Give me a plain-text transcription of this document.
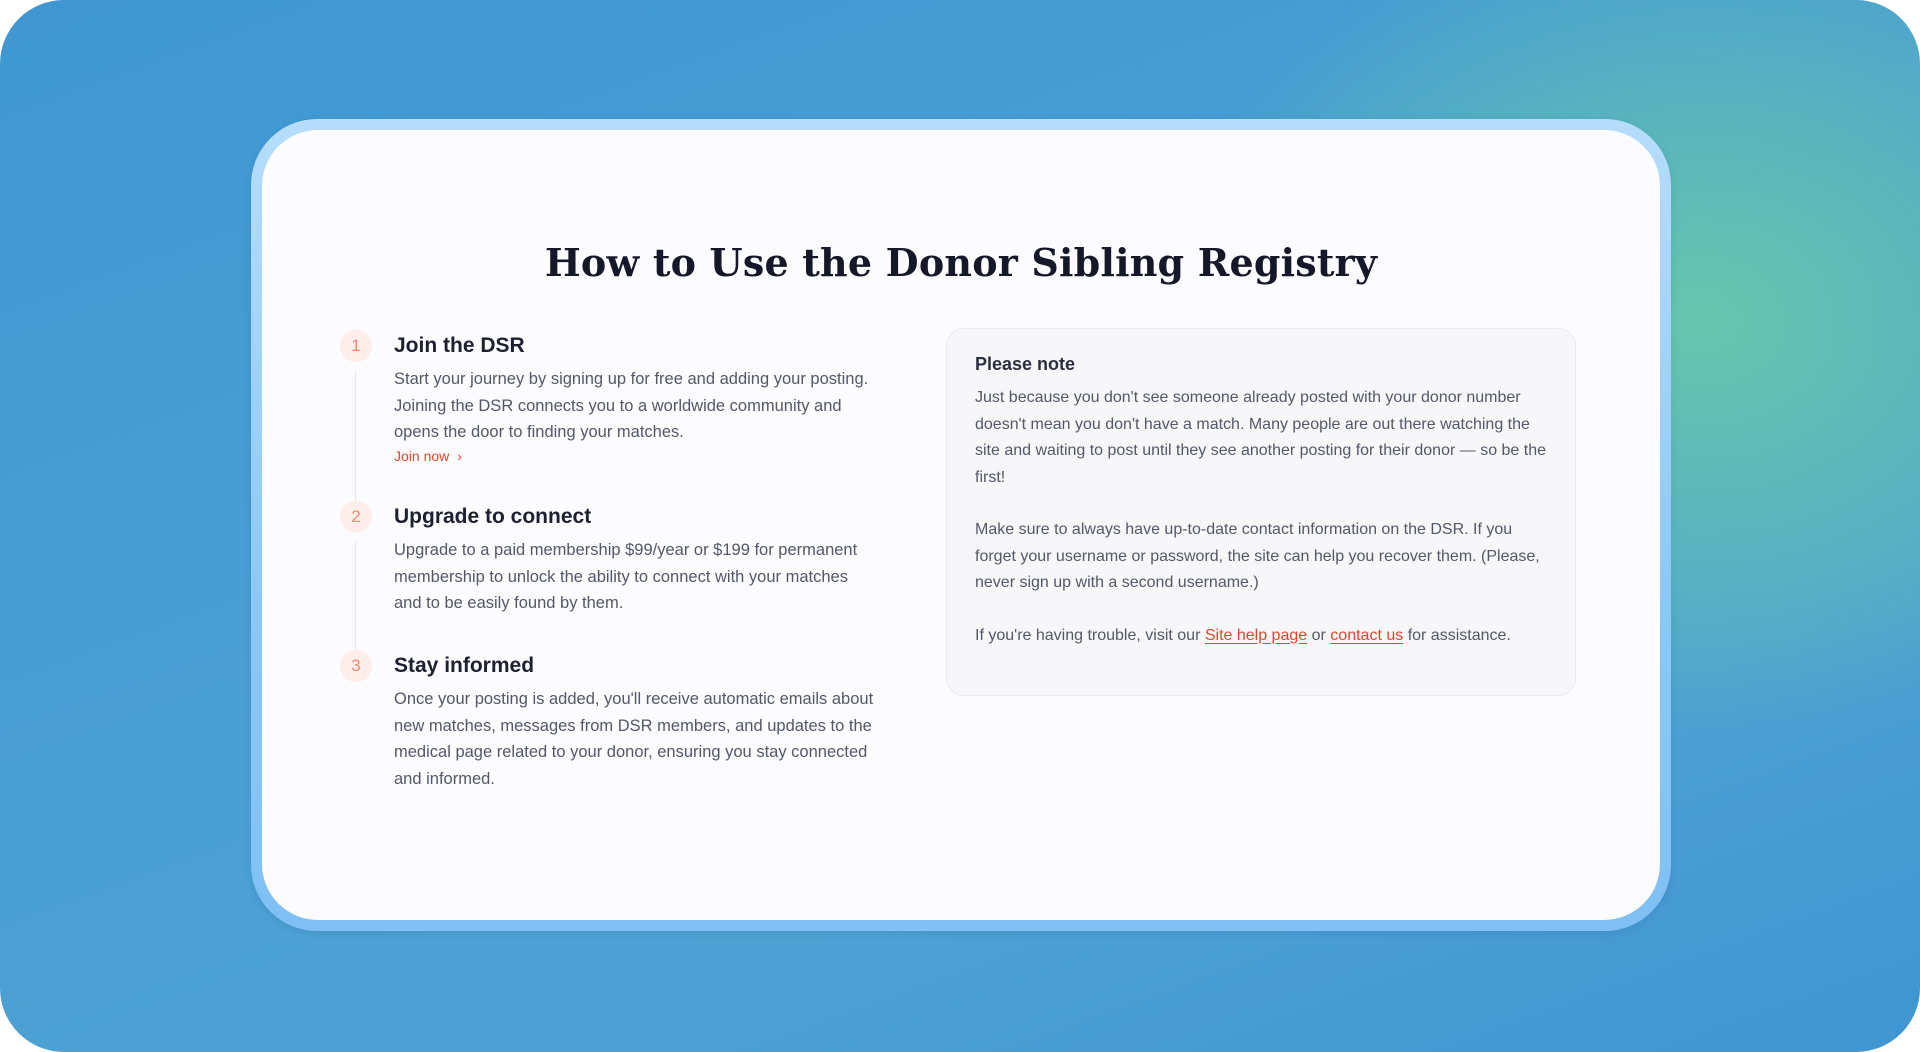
How to Use the Donor Sibling Registry
1	Join the DSR
Start your journey by signing up for free and adding your posting. Joining the DSR connects you to a worldwide community and opens the door to finding your matches.
Join now ›
2	Upgrade to connect
Upgrade to a paid membership $99/year or $199 for permanent membership to unlock the ability to connect with your matches and to be easily found by them.
3	Stay informed
Once your posting is added, you'll receive automatic emails about new matches, messages from DSR members, and updates to the medical page related to your donor, ensuring you stay connected and informed.
Please note

Just because you don't see someone already posted with your donor number doesn't mean you don't have a match. Many people are out there watching the site and waiting to post until they see another posting for their donor — so be the first!

Make sure to always have up-to-date contact information on the DSR. If you forget your username or password, the site can help you recover them. (Please, never sign up with a second username.)

If you're having trouble, visit our Site help page or contact us for assistance.
